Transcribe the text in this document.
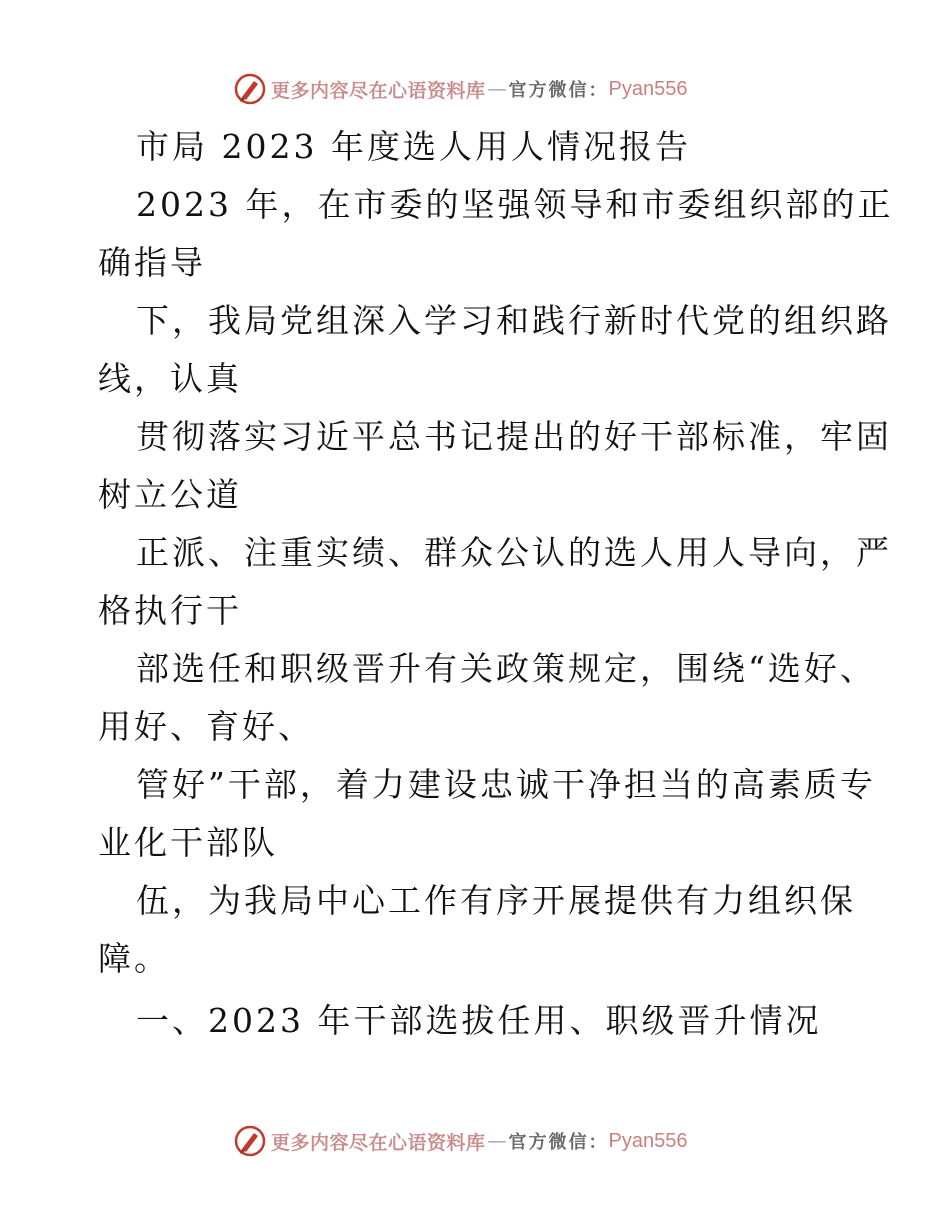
更多内容尽在心语资料库 — 官方微信： Pyan556
市局 2023 年度选人用人情况报告
2023 年，在市委的坚强领导和市委组织部的正
确指导
下，我局党组深入学习和践行新时代党的组织路
线，认真
贯彻落实习近平总书记提出的好干部标准，牢固
树立公道
正派、注重实绩、群众公认的选人用人导向，严
格执行干
部选任和职级晋升有关政策规定，围绕“选好、
用好、育好、
管好”干部，着力建设忠诚干净担当的高素质专
业化干部队
伍，为我局中心工作有序开展提供有力组织保
障。
一、2023 年干部选拔任用、职级晋升情况
更多内容尽在心语资料库 — 官方微信： Pyan556
